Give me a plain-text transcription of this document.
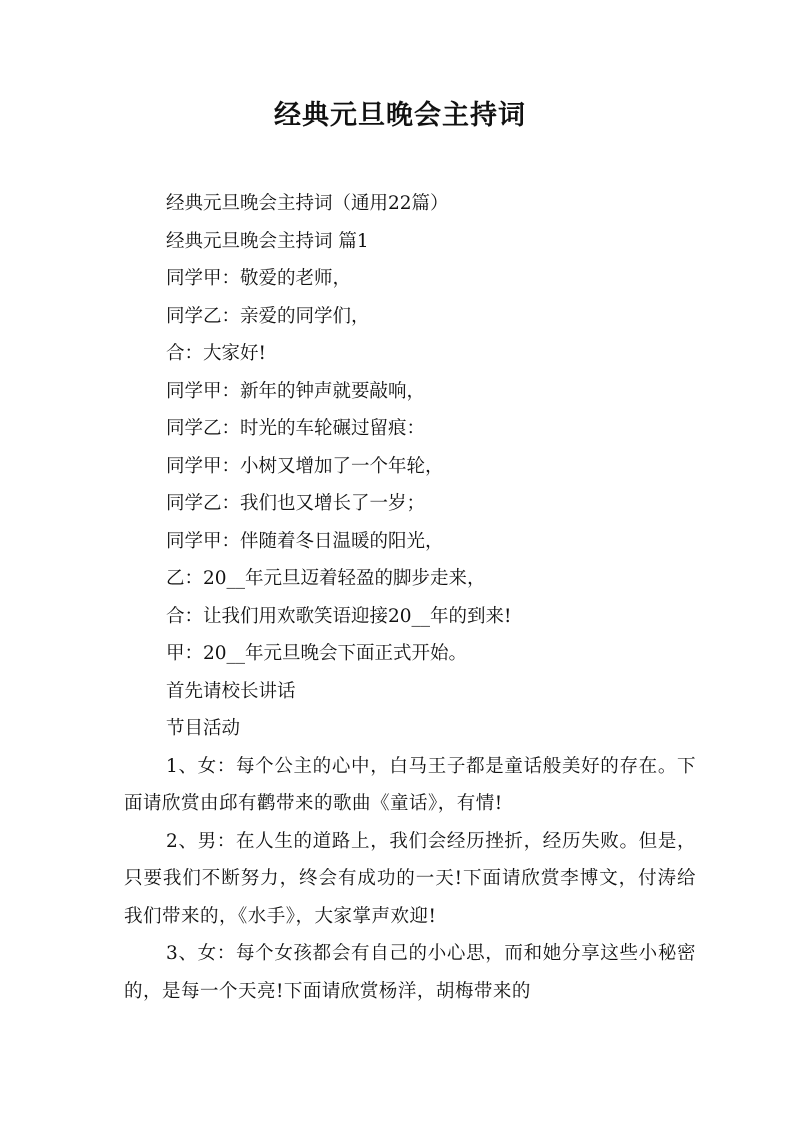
经典元旦晚会主持词

经典元旦晚会主持词（通用22篇）

经典元旦晚会主持词 篇1

同学甲：敬爱的老师，

同学乙：亲爱的同学们，

合：大家好!

同学甲：新年的钟声就要敲响，

同学乙：时光的车轮碾过留痕：

同学甲：小树又增加了一个年轮，

同学乙：我们也又增长了一岁；

同学甲：伴随着冬日温暖的阳光，

乙：20__年元旦迈着轻盈的脚步走来，

合：让我们用欢歌笑语迎接20__年的到来!

甲：20__年元旦晚会下面正式开始。

首先请校长讲话

节目活动

1、女：每个公主的心中，白马王子都是童话般美好的存在。下面请欣赏由邱有鹳带来的歌曲《童话》，有情!

2、男：在人生的道路上，我们会经历挫折，经历失败。但是，只要我们不断努力，终会有成功的一天!下面请欣赏李博文，付涛给我们带来的，《水手》，大家掌声欢迎!

3、女：每个女孩都会有自己的小心思，而和她分享这些小秘密的，是每一个天亮!下面请欣赏杨洋，胡梅带来的
